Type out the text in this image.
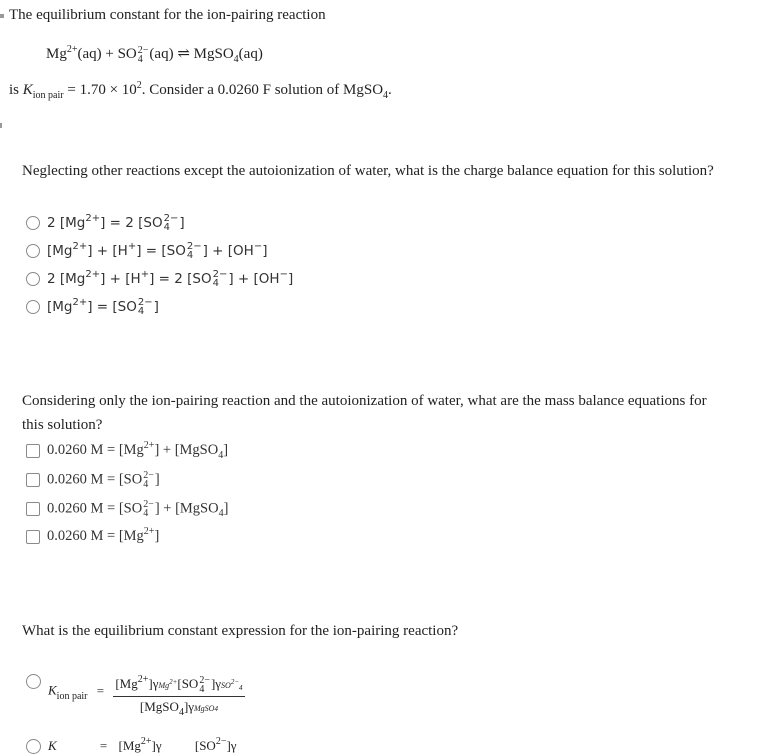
The equilibrium constant for the ion-pairing reaction
$Mg^{2+}(aq)$ + SO 2−
4 (aq) ⇌ MgSO$_4$(aq)
is $K_{ion pair} = 1.70 \times 10^2$. Consider a 0.0260 F solution of MgSO$_4$.
Neglecting other reactions except the autoionization of water, what is the charge balance equation for this solution?
2 $[Mg^{2+}] = 2$ [SO 2−
4 ]
$[Mg^{2+}] + [H^+] = [SO$ 2−
4 ] + [OH−]
2 $[Mg^{2+}] + [H^+] = 2$ [SO 2−
4 ] + [OH−]
$[Mg^{2+}] = [SO$ 2−
4 ]
Considering only the ion-pairing reaction and the autoionization of water, what are the mass balance equations for
this solution?
0.0260 $M = [Mg^{2+}]$ + [MgSO$_4$]
0.0260 M = [SO 2−
4 ]
0.0260 M = [SO 2−
4 ] + [MgSO$_4$]
0.0260 $M = [Mg^{2+}]$
What is the equilibrium constant expression for the ion-pairing reaction?
$K_{ion pair} = [Mg^{2+}]\gamma Mg2+[SO$ 2−
4 ]γSO2−4
[MgSO$_4$]γMgSO4
K	= $[Mg^{2+}]\gamma$	$[SO^{2-}]\gamma$
